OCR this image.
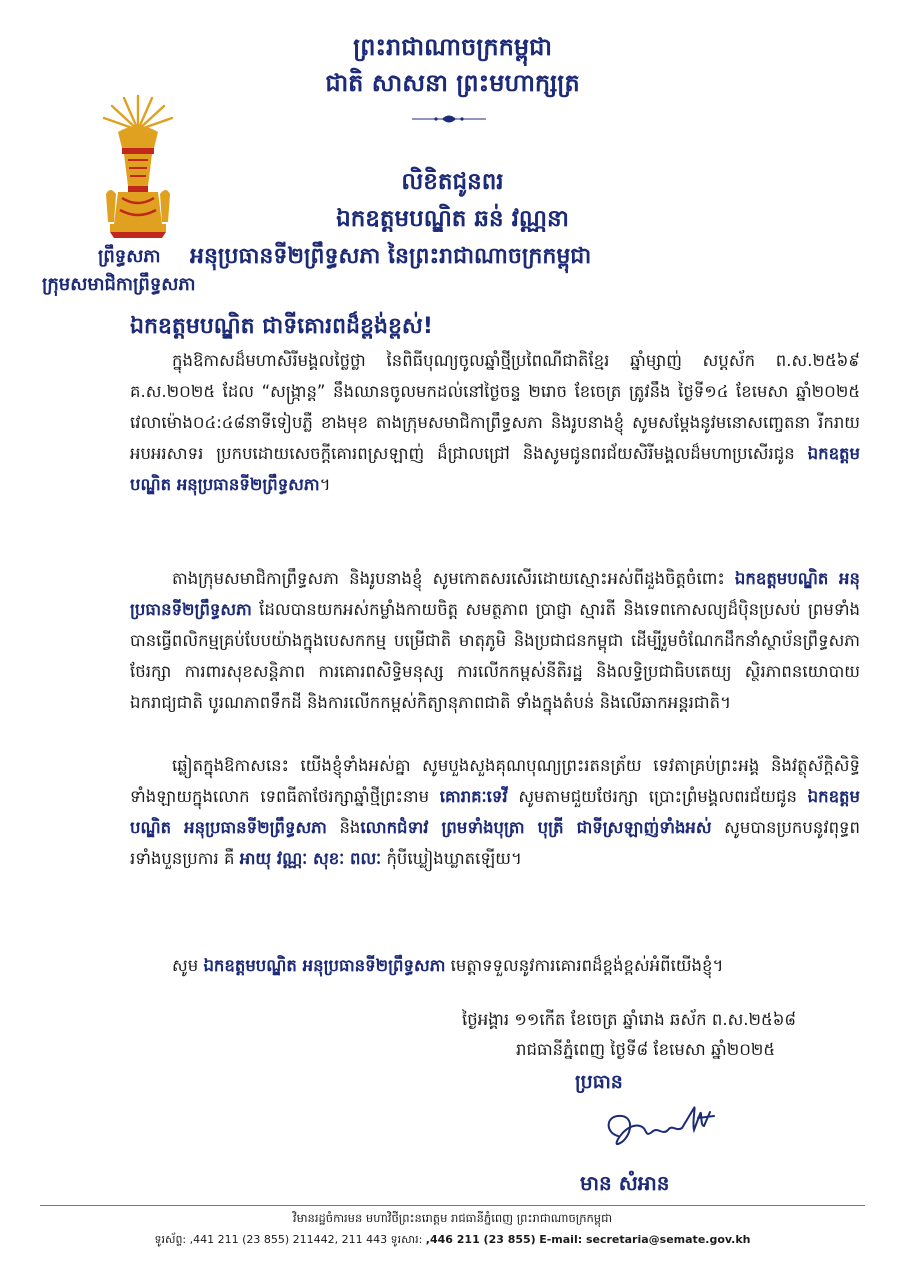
ព្រះរាជាណាចក្រកម្ពុជា
ជាតិ សាសនា ព្រះមហាក្សត្រ
លិខិតជូនពរ
ឯកឧត្តមបណ្ឌិត ឆន់ វណ្ណនា
ព្រឹទ្ធសភា
ក្រុមសមាជិកាព្រឹទ្ធសភា
អនុប្រធានទី២ព្រឹទ្ធសភា នៃព្រះរាជាណាចក្រកម្ពុជា
ឯកឧត្តមបណ្ឌិត ជាទីគោរពដ៏ខ្ពង់ខ្ពស់!
ក្នុងឱកាសដ៏មហាសិរីមង្គលថ្លៃថ្លា នៃពិធីបុណ្យចូលឆ្នាំថ្មីប្រពៃណីជាតិខ្មែរ ឆ្នាំម្សាញ់ សប្តស័ក ព.ស.២៥៦៩ គ.ស.២០២៥ ដែល “សង្ក្រាន្ត” នឹងឈានចូលមកដល់នៅថ្ងៃចន្ទ ២រោច ខែចេត្រ ត្រូវនឹង ថ្ងៃទី១៤ ខែមេសា ឆ្នាំ២០២៥ វេលាម៉ោង០៤:៤៨នាទីទៀបភ្លឺ ខាងមុខ តាងក្រុមសមាជិកាព្រឹទ្ធសភា និងរូបនាងខ្ញុំ សូមសម្តែងនូវមនោសញ្ចេតនា រីករាយអបអរសាទរ ប្រកបដោយសេចក្តីគោរពស្រឡាញ់ ដ៏ជ្រាលជ្រៅ និងសូមជូនពរជ័យសិរីមង្គលដ៏មហាប្រសើរជូន ឯកឧត្តមបណ្ឌិត អនុប្រធានទី២ព្រឹទ្ធសភា។
តាងក្រុមសមាជិកាព្រឹទ្ធសភា និងរូបនាងខ្ញុំ សូមកោតសរសើរដោយស្មោះអស់ពីដួងចិត្តចំពោះ ឯកឧត្តមបណ្ឌិត អនុប្រធានទី២ព្រឹទ្ធសភា ដែលបានយកអស់កម្លាំងកាយចិត្ត សមត្ថភាព ប្រាជ្ញា ស្មារតី និងទេពកោសល្យដ៏ប៉ិនប្រសប់ ព្រមទាំងបានធ្វើពលិកម្មគ្រប់បែបយ៉ាងក្នុងបេសកកម្ម បម្រើជាតិ មាតុភូមិ និងប្រជាជនកម្ពុជា ដើម្បីរួមចំណែកដឹកនាំស្ថាប័នព្រឹទ្ធសភា ថែរក្សា ការពារសុខសន្តិភាព ការគោរពសិទ្ធិមនុស្ស ការលើកកម្ពស់នីតិរដ្ឋ និងលទ្ធិប្រជាធិបតេយ្យ ស្ថិរភាពនយោបាយ ឯករាជ្យជាតិ បូរណភាពទឹកដី និងការលើកកម្ពស់កិត្យានុភាពជាតិ ទាំងក្នុងតំបន់ និងលើឆាកអន្តរជាតិ។
ឆ្លៀតក្នុងឱកាសនេះ យើងខ្ញុំទាំងអស់គ្នា សូមបួងសួងគុណបុណ្យព្រះរតនត្រ័យ ទេវតាគ្រប់ព្រះអង្គ និងវត្ថុស័ក្តិសិទ្ធិទាំងឡាយក្នុងលោក ទេពធីតាថែរក្សាឆ្នាំថ្មីព្រះនាម គោរាគៈទេវី សូមតាមជួយថែរក្សា ប្រោះព្រំមង្គលពរជ័យជូន ឯកឧត្តមបណ្ឌិត អនុប្រធានទី២ព្រឹទ្ធសភា និងលោកជំទាវ ព្រមទាំងបុត្រា បុត្រី ជាទីស្រឡាញ់ទាំងអស់ សូមបានប្រកបនូវពុទ្ធពរទាំងបួនប្រការ គឺ អាយុ វណ្ណៈ សុខៈ ពលៈ កុំបីឃ្លៀងឃ្លាតឡើយ។
សូម ឯកឧត្តមបណ្ឌិត អនុប្រធានទី២ព្រឹទ្ធសភា មេត្តាទទួលនូវការគោរពដ៏ខ្ពង់ខ្ពស់អំពីយើងខ្ញុំ។
ថ្ងៃអង្គារ ១១កើត ខែចេត្រ ឆ្នាំរោង ឆស័ក ព.ស.២៥៦៨
រាជធានីភ្នំពេញ ថ្ងៃទី៨ ខែមេសា ឆ្នាំ២០២៥
ប្រធាន
មាន សំអាន
វិមានរដ្ឋចំការមន មហាវិថីព្រះនរោត្តម រាជធានីភ្នំពេញ ព្រះរាជាណាចក្រកម្ពុជា
ទូរស័ព្ទ: ,441 211 (23 855) 211442, 211 443 ទូរសារ: ,446 211 (23 855) E-mail: secretaria@semate.gov.kh
